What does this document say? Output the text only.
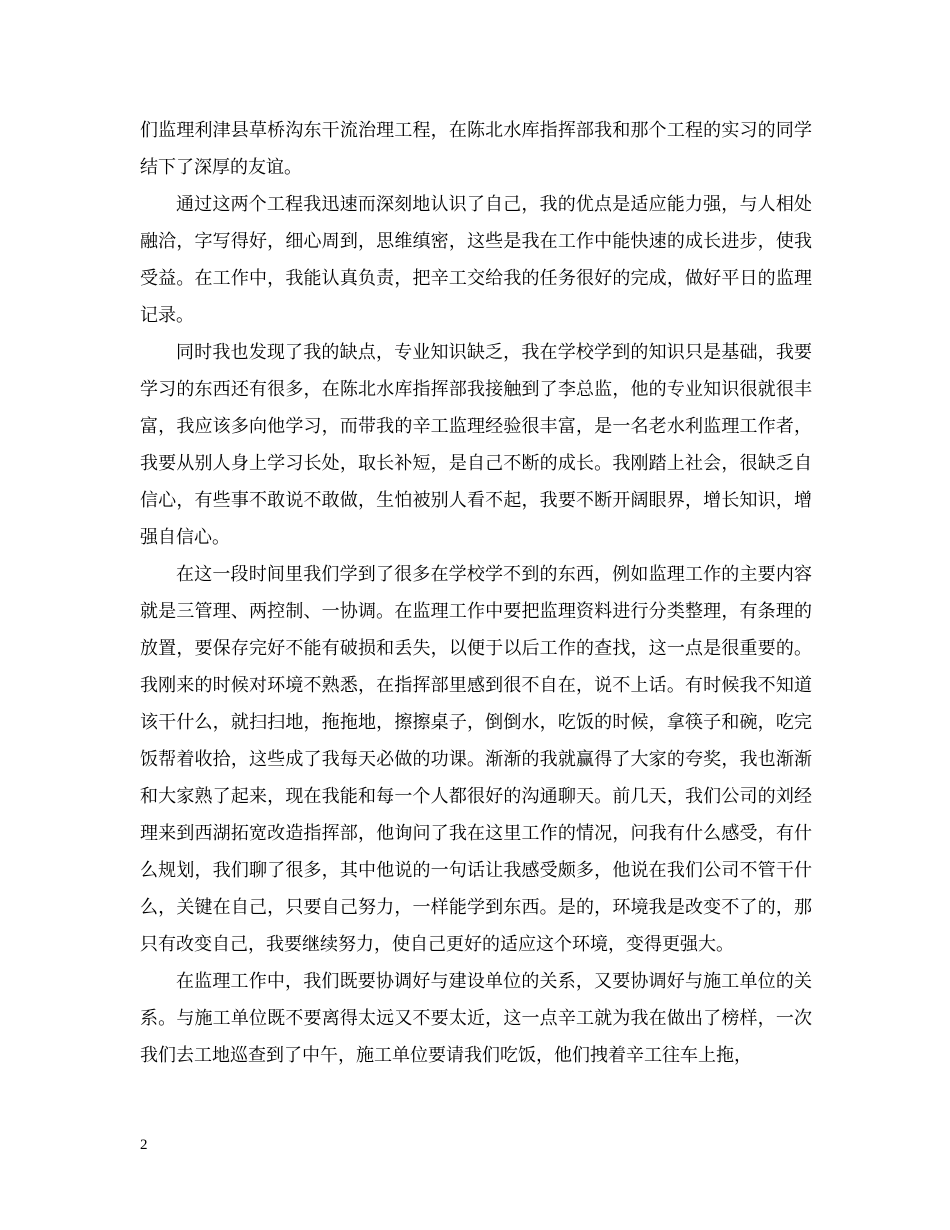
们监理利津县草桥沟东干流治理工程，在陈北水库指挥部我和那个工程的实习的同学结下了深厚的友谊。

通过这两个工程我迅速而深刻地认识了自己，我的优点是适应能力强，与人相处融洽，字写得好，细心周到，思维缜密，这些是我在工作中能快速的成长进步，使我受益。在工作中，我能认真负责，把辛工交给我的任务很好的完成，做好平日的监理记录。

同时我也发现了我的缺点，专业知识缺乏，我在学校学到的知识只是基础，我要学习的东西还有很多，在陈北水库指挥部我接触到了李总监，他的专业知识很就很丰富，我应该多向他学习，而带我的辛工监理经验很丰富，是一名老水利监理工作者，我要从别人身上学习长处，取长补短，是自己不断的成长。我刚踏上社会，很缺乏自信心，有些事不敢说不敢做，生怕被别人看不起，我要不断开阔眼界，增长知识，增强自信心。

在这一段时间里我们学到了很多在学校学不到的东西，例如监理工作的主要内容就是三管理、两控制、一协调。在监理工作中要把监理资料进行分类整理，有条理的放置，要保存完好不能有破损和丢失，以便于以后工作的查找，这一点是很重要的。我刚来的时候对环境不熟悉，在指挥部里感到很不自在，说不上话。有时候我不知道该干什么，就扫扫地，拖拖地，擦擦桌子，倒倒水，吃饭的时候，拿筷子和碗，吃完饭帮着收拾，这些成了我每天必做的功课。渐渐的我就赢得了大家的夸奖，我也渐渐和大家熟了起来，现在我能和每一个人都很好的沟通聊天。前几天，我们公司的刘经理来到西湖拓宽改造指挥部，他询问了我在这里工作的情况，问我有什么感受，有什么规划，我们聊了很多，其中他说的一句话让我感受颇多，他说在我们公司不管干什么，关键在自己，只要自己努力，一样能学到东西。是的，环境我是改变不了的，那只有改变自己，我要继续努力，使自己更好的适应这个环境，变得更强大。

在监理工作中，我们既要协调好与建设单位的关系，又要协调好与施工单位的关系。与施工单位既不要离得太远又不要太近，这一点辛工就为我在做出了榜样，一次我们去工地巡查到了中午，施工单位要请我们吃饭，他们拽着辛工往车上拖，

2
